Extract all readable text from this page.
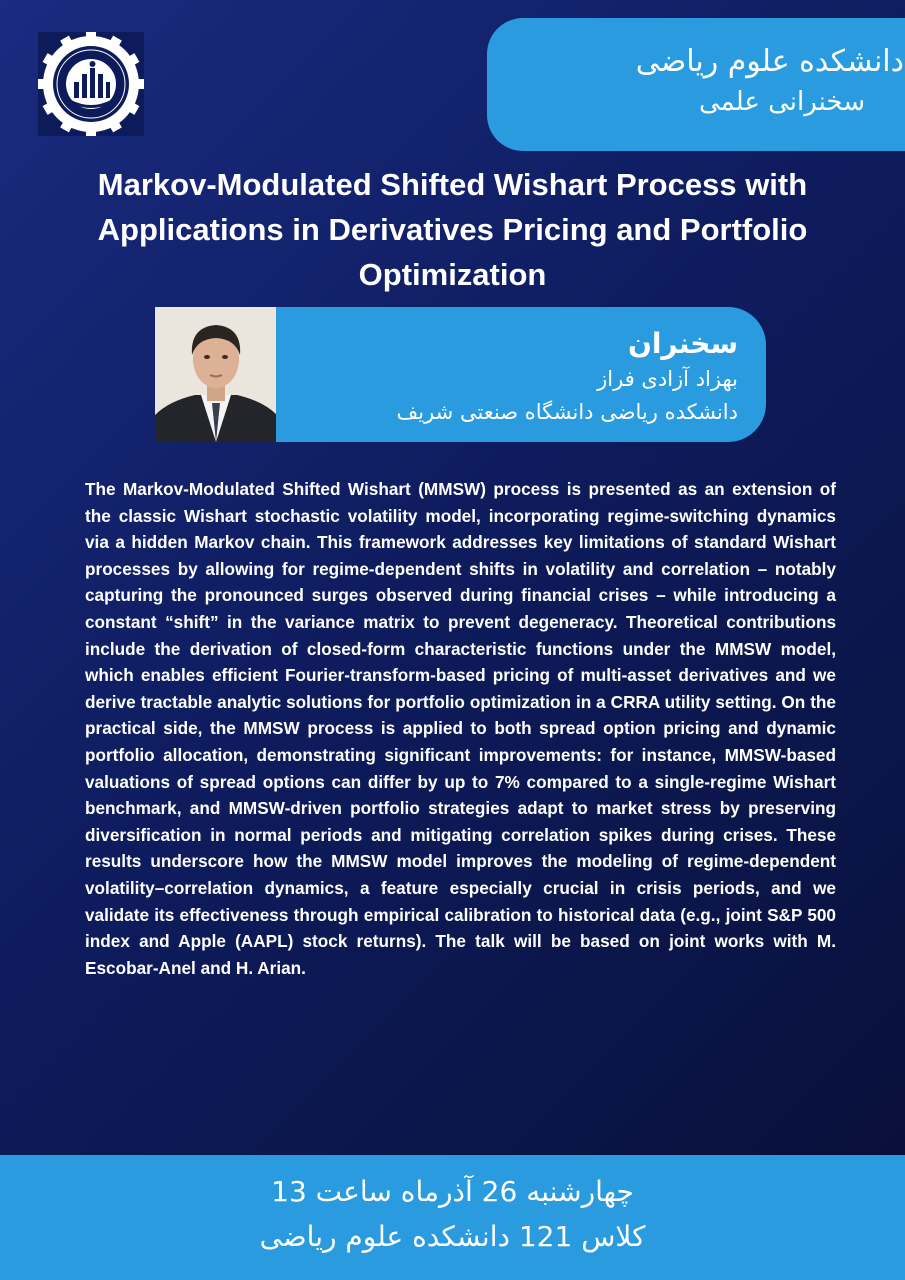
دانشکده علوم ریاضی
سخنرانی علمی
Markov-Modulated Shifted Wishart Process with Applications in Derivatives Pricing and Portfolio Optimization
سخنران
بهزاد آزادی فراز
دانشکده ریاضی دانشگاه صنعتی شریف

The Markov-Modulated Shifted Wishart (MMSW) process is presented as an extension of the classic Wishart stochastic volatility model, incorporating regime-switching dynamics via a hidden Markov chain. This framework addresses key limitations of standard Wishart processes by allowing for regime-dependent shifts in volatility and correlation – notably capturing the pronounced surges observed during financial crises – while introducing a constant “shift” in the variance matrix to prevent degeneracy. Theoretical contributions include the derivation of closed-form characteristic functions under the MMSW model, which enables efficient Fourier-transform-based pricing of multi-asset derivatives and we derive tractable analytic solutions for portfolio optimization in a CRRA utility setting. On the practical side, the MMSW process is applied to both spread option pricing and dynamic portfolio allocation, demonstrating significant improvements: for instance, MMSW-based valuations of spread options can differ by up to 7% compared to a single-regime Wishart benchmark, and MMSW-driven portfolio strategies adapt to market stress by preserving diversification in normal periods and mitigating correlation spikes during crises. These results underscore how the MMSW model improves the modeling of regime-dependent volatility–correlation dynamics, a feature especially crucial in crisis periods, and we validate its effectiveness through empirical calibration to historical data (e.g., joint S&P 500 index and Apple (AAPL) stock returns). The talk will be based on joint works with M. Escobar-Anel and H. Arian.

چهارشنبه 26 آذرماه ساعت 13
کلاس 121 دانشکده علوم ریاضی
